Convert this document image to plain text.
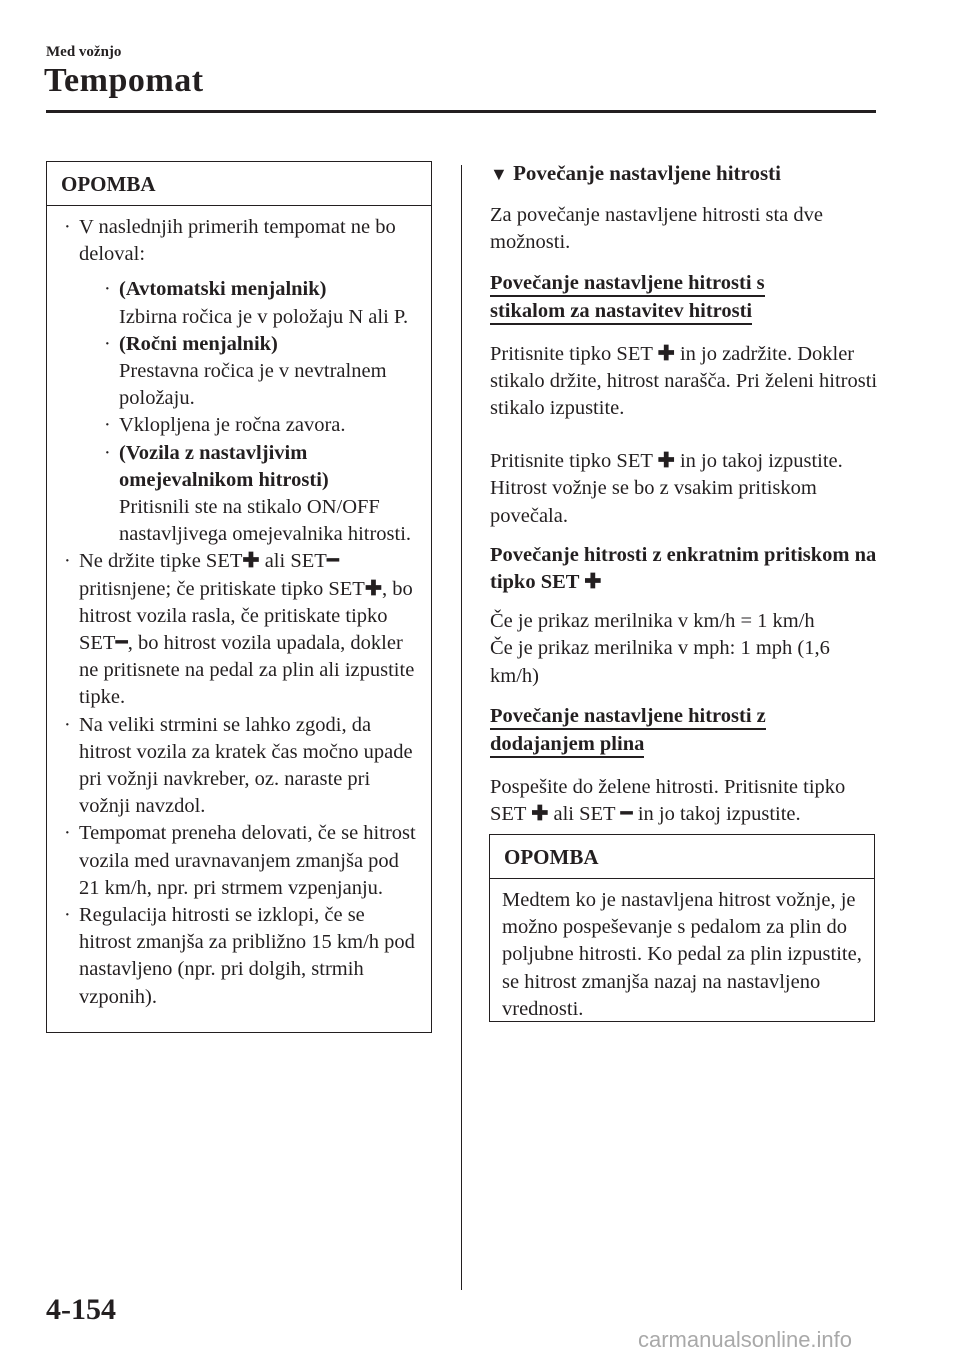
Med vožnjo
Tempomat
OPOMBA
· V naslednjih primerih tempomat ne bo deloval:
· (Avtomatski menjalnik)
Izbirna ročica je v položaju N ali P.
· (Ročni menjalnik)
Prestavna ročica je v nevtralnem položaju.
· Vklopljena je ročna zavora.
· (Vozila z nastavljivim omejevalnikom hitrosti)
Pritisnili ste na stikalo ON/OFF nastavljivega omejevalnika hitrosti.
· Ne držite tipke SET✚ ali SET━ pritisnjene; če pritiskate tipko SET✚, bo hitrost vozila rasla, če pritiskate tipko SET━, bo hitrost vozila upadala, dokler ne pritisnete na pedal za plin ali izpustite tipke.
· Na veliki strmini se lahko zgodi, da hitrost vozila za kratek čas močno upade pri vožnji navkreber, oz. naraste pri vožnji navzdol.
· Tempomat preneha delovati, če se hitrost vozila med uravnavanjem zmanjša pod 21 km/h, npr. pri strmem vzpenjanju.
· Regulacija hitrosti se izklopi, če se hitrost zmanjša za približno 15 km/h pod nastavljeno (npr. pri dolgih, strmih vzponih).
▼ Povečanje nastavljene hitrosti
Za povečanje nastavljene hitrosti sta dve možnosti.
Povečanje nastavljene hitrosti s
stikalom za nastavitev hitrosti
Pritisnite tipko SET ✚ in jo zadržite. Dokler stikalo držite, hitrost narašča. Pri želeni hitrosti stikalo izpustite.
Pritisnite tipko SET ✚ in jo takoj izpustite. Hitrost vožnje se bo z vsakim pritiskom povečala.
Povečanje hitrosti z enkratnim pritiskom na tipko SET ✚
Če je prikaz merilnika v km/h = 1 km/h
Če je prikaz merilnika v mph: 1 mph (1,6 km/h)
Povečanje nastavljene hitrosti z
dodajanjem plina
Pospešite do želene hitrosti. Pritisnite tipko SET ✚ ali SET ━ in jo takoj izpustite.
OPOMBA
Medtem ko je nastavljena hitrost vožnje, je možno pospeševanje s pedalom za plin do poljubne hitrosti. Ko pedal za plin izpustite, se hitrost zmanjša nazaj na nastavljeno vrednosti.
4-154
carmanualsonline.info
